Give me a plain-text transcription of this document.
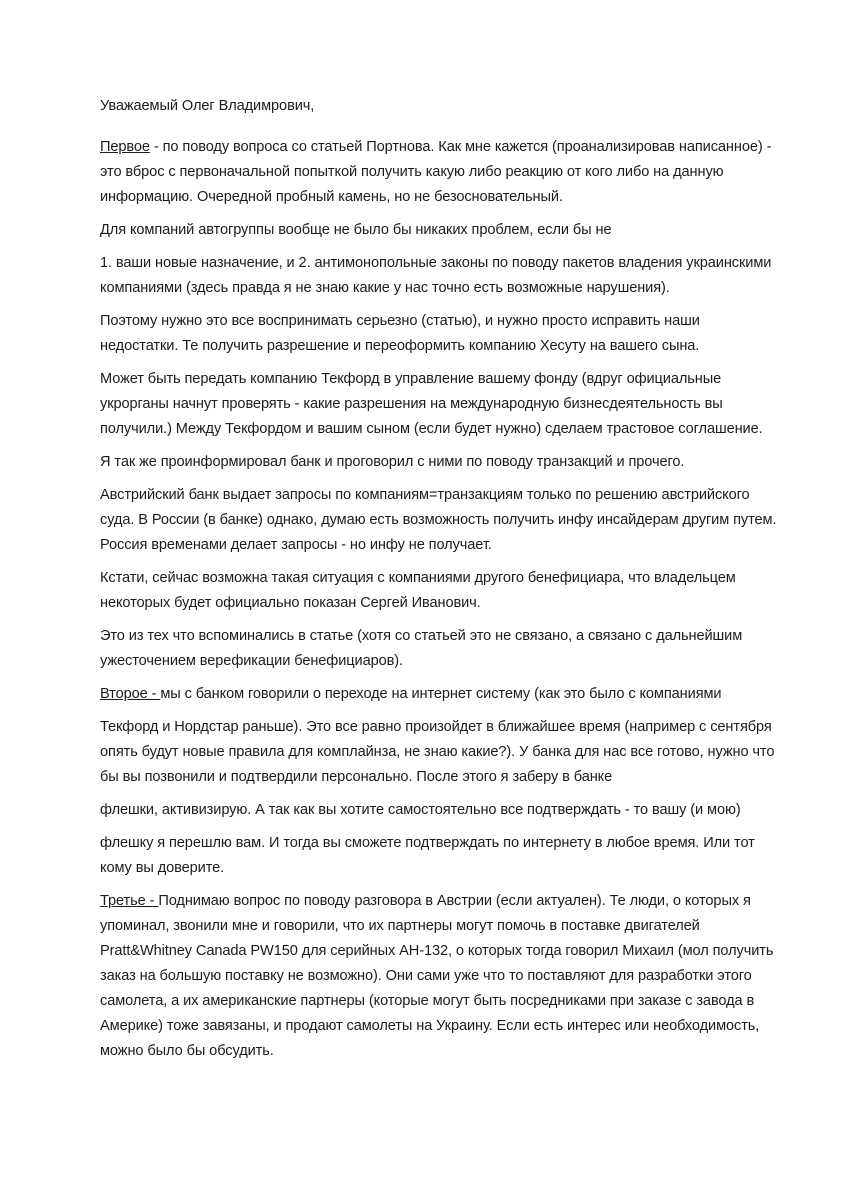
Уважаемый Олег Владимрович,

Первое - по поводу вопроса со статьей Портнова. Как мне кажется (проанализировав написанное) - это вброс с первоначальной попыткой получить какую либо реакцию от кого либо на данную информацию. Очередной пробный камень, но не безосновательный.

Для компаний автогруппы вообще не было бы никаких проблем, если бы не

1. ваши новые назначение, и 2. антимонопольные законы по поводу пакетов владения украинскими компаниями (здесь правда я не знаю какие у нас точно есть возможные нарушения).

Поэтому нужно это все воспринимать серьезно (статью), и нужно просто исправить наши недостатки. Те получить разрешение и переоформить компанию Хесуту на вашего сына.

Может быть передать компанию Текфорд в управление вашему фонду (вдруг официальные укрорганы начнут проверять - какие разрешения на международную бизнесдеятельность вы получили.) Между Текфордом и вашим сыном (если будет нужно) сделаем трастовое соглашение.

Я так же проинформировал банк и проговорил с ними по поводу транзакций и прочего.

Австрийский банк выдает запросы по компаниям=транзакциям только по решению австрийского суда. В России (в банке) однако, думаю есть возможность получить инфу инсайдерам другим путем. Россия временами делает запросы - но инфу не получает.

Кстати, сейчас возможна такая ситуация с компаниями другого бенефициара, что владельцем некоторых будет официально показан Сергей Иванович.

Это из тех что вспоминались в статье (хотя со статьей это не связано, а связано с дальнейшим ужесточением верефикации бенефициаров).

Второе - мы с банком говорили о переходе на интернет систему (как это было с компаниями

Текфорд и Нордстар раньше). Это все равно произойдет в ближайшее время (например с сентября опять будут новые правила для комплайнза, не знаю какие?). У банка для нас все готово, нужно что бы вы позвонили и подтвердили персонально. После этого я заберу в банке

флешки, активизирую. А так как вы хотите самостоятельно все подтверждать - то вашу (и мою)

флешку я перешлю вам. И тогда вы сможете подтверждать по интернету в любое время. Или тот кому вы доверите.

Третье - Поднимаю вопрос по поводу разговора в Австрии (если актуален). Те люди, о которых я упоминал, звонили мне и говорили, что их партнеры могут помочь в поставке двигателей Pratt&Whitney Canada PW150 для серийных АН-132, о которых тогда говорил Михаил (мол получить заказ на большую поставку не возможно). Они сами уже что то поставляют для разработки этого самолета, а их американские партнеры (которые могут быть посредниками при заказе с завода в Америке) тоже завязаны, и продают самолеты на Украину. Если есть интерес или необходимость, можно было бы обсудить.
